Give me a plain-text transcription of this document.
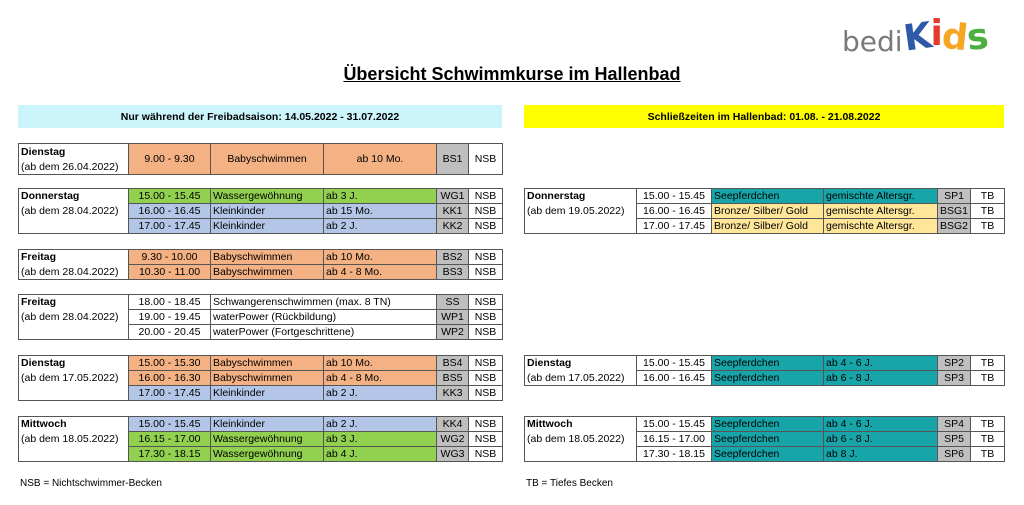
bedi
Kids
Übersicht Schwimmkurse im Hallenbad
Nur während der Freibadsaison: 14.05.2022 - 31.07.2022	Schließzeiten im Hallenbad: 01.08. - 21.08.2022
Dienstag	9.00 - 9.30	Babyschwimmen	ab 10 Mo.	BS1	NSB
(ab dem 26.04.2022)
Donnerstag	15.00 - 15.45	Wassergewöhnung	ab 3 J.	WG1	NSB
(ab dem 28.04.2022)	16.00 - 16.45	Kleinkinder	ab 15 Mo.	KK1	NSB
	17.00 - 17.45	Kleinkinder	ab 2 J.	KK2	NSB
Freitag	9.30 - 10.00	Babyschwimmen	ab 10 Mo.	BS2	NSB
(ab dem 28.04.2022)	10.30 - 11.00	Babyschwimmen	ab 4 - 8 Mo.	BS3	NSB
Freitag	18.00 - 18.45	Schwangerenschwimmen (max. 8 TN)	SS	NSB
(ab dem 28.04.2022)	19.00 - 19.45	waterPower (Rückbildung)	WP1	NSB
	20.00 - 20.45	waterPower (Fortgeschrittene)	WP2	NSB
Dienstag	15.00 - 15.30	Babyschwimmen	ab 10 Mo.	BS4	NSB
(ab dem 17.05.2022)	16.00 - 16.30	Babyschwimmen	ab 4 - 8 Mo.	BS5	NSB
	17.00 - 17.45	Kleinkinder	ab 2 J.	KK3	NSB
Mittwoch	15.00 - 15.45	Kleinkinder	ab 2 J.	KK4	NSB
(ab dem 18.05.2022)	16.15 - 17.00	Wassergewöhnung	ab 3 J.	WG2	NSB
	17.30 - 18.15	Wassergewöhnung	ab 4 J.	WG3	NSB
Donnerstag	15.00 - 15.45	Seepferdchen	gemischte Altersgr.	SP1	TB
(ab dem 19.05.2022)	16.00 - 16.45	Bronze/ Silber/ Gold	gemischte Altersgr.	BSG1	TB
	17.00 - 17.45	Bronze/ Silber/ Gold	gemischte Altersgr.	BSG2	TB
Dienstag	15.00 - 15.45	Seepferdchen	ab 4 - 6 J.	SP2	TB
(ab dem 17.05.2022)	16.00 - 16.45	Seepferdchen	ab 6 - 8 J.	SP3	TB
Mittwoch	15.00 - 15.45	Seepferdchen	ab 4 - 6 J.	SP4	TB
(ab dem 18.05.2022)	16.15 - 17.00	Seepferdchen	ab 6 - 8 J.	SP5	TB
	17.30 - 18.15	Seepferdchen	ab 8 J.	SP6	TB
NSB = Nichtschwimmer-Becken	TB = Tiefes Becken
